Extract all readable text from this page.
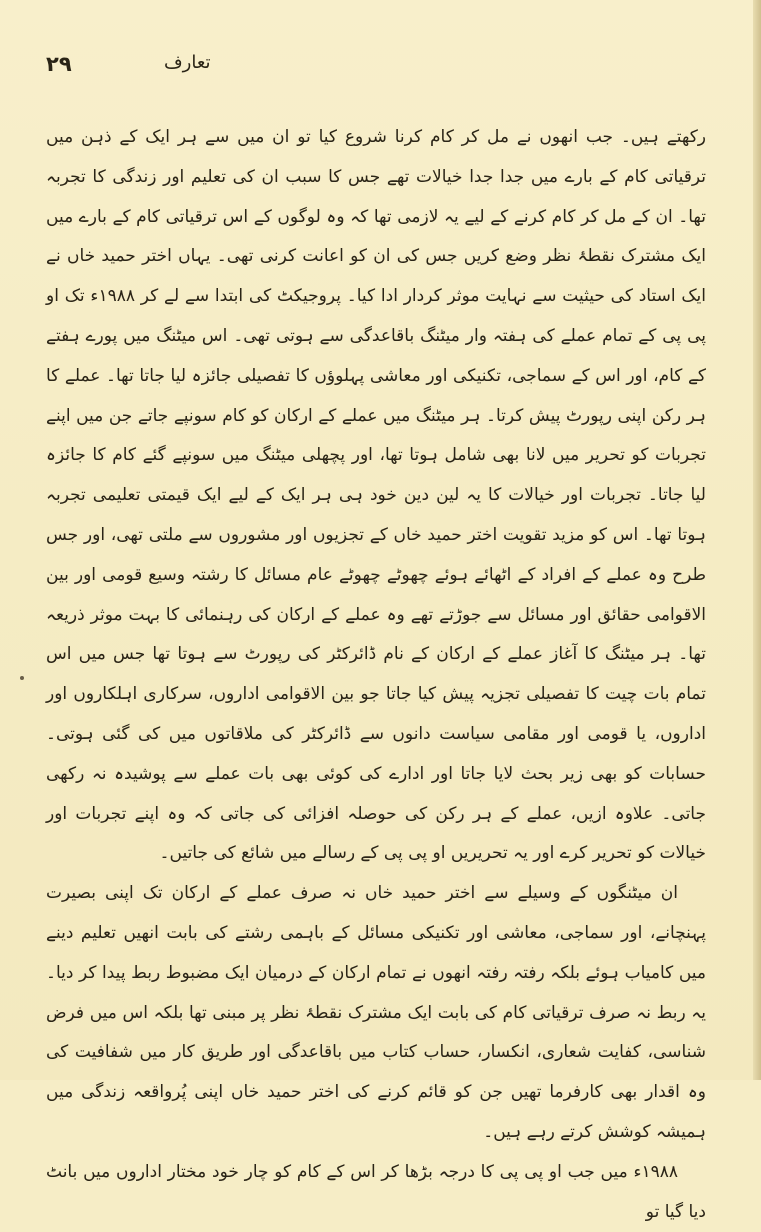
۲۹	تعارف

رکھتے ہیں۔ جب انھوں نے مل کر کام کرنا شروع کیا تو ان میں سے ہر ایک کے ذہن میں ترقیاتی کام کے بارے میں جدا جدا خیالات تھے جس کا سبب ان کی تعلیم اور زندگی کا تجربہ تھا۔ ان کے مل کر کام کرنے کے لیے یہ لازمی تھا کہ وہ لوگوں کے اس ترقیاتی کام کے بارے میں ایک مشترک نقطۂ نظر وضع کریں جس کی ان کو اعانت کرنی تھی۔ یہاں اختر حمید خاں نے ایک استاد کی حیثیت سے نہایت موثر کردار ادا کیا۔ پروجیکٹ کی ابتدا سے لے کر ۱۹۸۸ء تک او پی پی کے تمام عملے کی ہفتہ وار میٹنگ باقاعدگی سے ہوتی تھی۔ اس میٹنگ میں پورے ہفتے کے کام، اور اس کے سماجی، تکنیکی اور معاشی پہلوؤں کا تفصیلی جائزہ لیا جاتا تھا۔ عملے کا ہر رکن اپنی رپورٹ پیش کرتا۔ ہر میٹنگ میں عملے کے ارکان کو کام سونپے جاتے جن میں اپنے تجربات کو تحریر میں لانا بھی شامل ہوتا تھا، اور پچھلی میٹنگ میں سونپے گئے کام کا جائزہ لیا جاتا۔ تجربات اور خیالات کا یہ لین دین خود ہی ہر ایک کے لیے ایک قیمتی تعلیمی تجربہ ہوتا تھا۔ اس کو مزید تقویت اختر حمید خاں کے تجزیوں اور مشوروں سے ملتی تھی، اور جس طرح وہ عملے کے افراد کے اٹھائے ہوئے چھوٹے چھوٹے عام مسائل کا رشتہ وسیع قومی اور بین الاقوامی حقائق اور مسائل سے جوڑتے تھے وہ عملے کے ارکان کی رہنمائی کا بہت موثر ذریعہ تھا۔ ہر میٹنگ کا آغاز عملے کے ارکان کے نام ڈائرکٹر کی رپورٹ سے ہوتا تھا جس میں اس تمام بات چیت کا تفصیلی تجزیہ پیش کیا جاتا جو بین الاقوامی اداروں، سرکاری اہلکاروں اور اداروں، یا قومی اور مقامی سیاست دانوں سے ڈائرکٹر کی ملاقاتوں میں کی گئی ہوتی۔ حسابات کو بھی زیر بحث لایا جاتا اور ادارے کی کوئی بھی بات عملے سے پوشیدہ نہ رکھی جاتی۔ علاوہ ازیں، عملے کے ہر رکن کی حوصلہ افزائی کی جاتی کہ وہ اپنے تجربات اور خیالات کو تحریر کرے اور یہ تحریریں او پی پی کے رسالے میں شائع کی جاتیں۔

ان میٹنگوں کے وسیلے سے اختر حمید خاں نہ صرف عملے کے ارکان تک اپنی بصیرت پہنچانے، اور سماجی، معاشی اور تکنیکی مسائل کے باہمی رشتے کی بابت انھیں تعلیم دینے میں کامیاب ہوئے بلکہ رفتہ رفتہ انھوں نے تمام ارکان کے درمیان ایک مضبوط ربط پیدا کر دیا۔ یہ ربط نہ صرف ترقیاتی کام کی بابت ایک مشترک نقطۂ نظر پر مبنی تھا بلکہ اس میں فرض شناسی، کفایت شعاری، انکسار، حساب کتاب میں باقاعدگی اور طریق کار میں شفافیت کی وہ اقدار بھی کارفرما تھیں جن کو قائم کرنے کی اختر حمید خاں اپنی پُرواقعہ زندگی میں ہمیشہ کوشش کرتے رہے ہیں۔

۱۹۸۸ء میں جب او پی پی کا درجہ بڑھا کر اس کے کام کو چار خود مختار اداروں میں بانٹ دیا گیا تو
